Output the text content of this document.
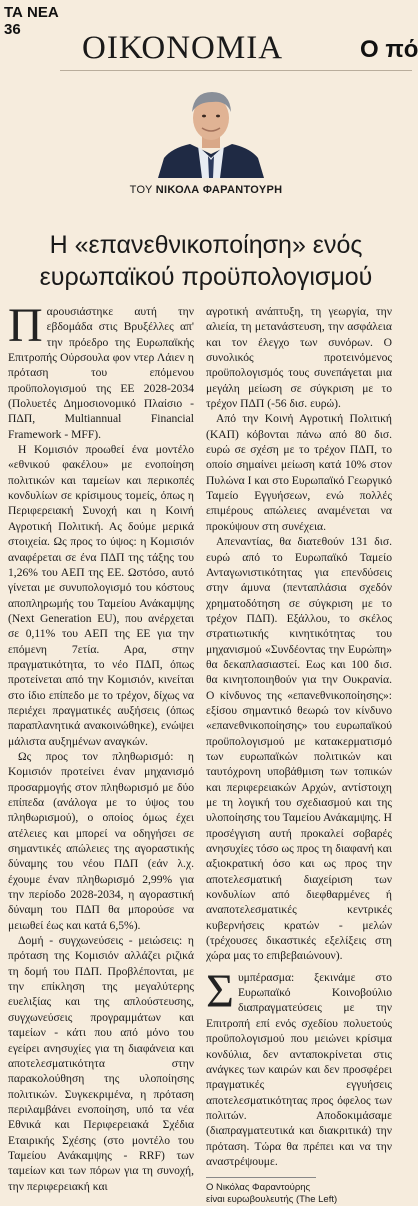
ΤΑ ΝΕΑ
36
ΟΙΚΟΝΟΜΙΑ	Ο πό
ΤΟΥ ΝΙΚΟΛΑ ΦΑΡΑΝΤΟΥΡΗ
Η «επανεθνικοποίηση» ενός ευρωπαϊκού προϋπολογισμού
Π αρουσιάστηκε αυτή την εβδομάδα στις Βρυξέλλες απ' την πρόεδρο της Ευρωπαϊκής Επιτροπής Ούρσουλα φον ντερ Λάιεν η πρόταση του επόμενου προϋπολογισμού της ΕΕ 2028-2034 (Πολυετές Δημοσιονομικό Πλαίσιο - ΠΔΠ, Multiannual Financial Framework - MFF).

Η Κομισιόν προωθεί ένα μοντέλο «εθνικού φακέλου» με ενοποίηση πολιτικών και ταμείων και περικοπές κονδυλίων σε κρίσιμους τομείς, όπως η Περιφερειακή Συνοχή και η Κοινή Αγροτική Πολιτική. Ας δούμε μερικά στοιχεία. Ως προς το ύψος: η Κομισιόν αναφέρεται σε ένα ΠΔΠ της τάξης του 1,26% του ΑΕΠ της ΕΕ. Ωστόσο, αυτό γίνεται με συνυπολογισμό του κόστους αποπληρωμής του Ταμείου Ανάκαμψης (Next Generation EU), που ανέρχεται σε 0,11% του ΑΕΠ της ΕΕ για την επόμενη 7ετία. Αρα, στην πραγματικότητα, το νέο ΠΔΠ, όπως προτείνεται από την Κομισιόν, κινείται στο ίδιο επίπεδο με το τρέχον, δίχως να περιέχει πραγματικές αυξήσεις (όπως παραπλανητικά ανακοινώθηκε), ενώψει μάλιστα αυξημένων αναγκών.

Ως προς τον πληθωρισμό: η Κομισιόν προτείνει έναν μηχανισμό προσαρμογής στον πληθωρισμό με δύο επίπεδα (ανάλογα με το ύψος του πληθωρισμού), ο οποίος όμως έχει ατέλειες και μπορεί να οδηγήσει σε σημαντικές απώλειες της αγοραστικής δύναμης του νέου ΠΔΠ (εάν λ.χ. έχουμε έναν πληθωρισμό 2,99% για την περίοδο 2028-2034, η αγοραστική δύναμη του ΠΔΠ θα μπορούσε να μειωθεί έως και κατά 6,5%).

Δομή - συγχωνεύσεις - μειώσεις: η πρόταση της Κομισιόν αλλάζει ριζικά τη δομή του ΠΔΠ. Προβλέπονται, με την επίκληση της μεγαλύτερης ευελιξίας και της απλούστευσης, συγχωνεύσεις προγραμμάτων και ταμείων - κάτι που από μόνο του εγείρει ανησυχίες για τη διαφάνεια και αποτελεσματικότητα στην παρακολούθηση της υλοποίησης πολιτικών. Συγκεκριμένα, η πρόταση περιλαμβάνει ενοποίηση, υπό τα νέα Εθνικά και Περιφερειακά Σχέδια Εταιρικής Σχέσης (στο μοντέλο του Ταμείου Ανάκαμψης - RRF) των ταμείων και των πόρων για τη συνοχή, την περιφερειακή και

αγροτική ανάπτυξη, τη γεωργία, την αλιεία, τη μετανάστευση, την ασφάλεια και τον έλεγχο των συνόρων. Ο συνολικός προτεινόμενος προϋπολογισμός τους συνεπάγεται μια μεγάλη μείωση σε σύγκριση με το τρέχον ΠΔΠ (-56 δισ. ευρώ).

Από την Κοινή Αγροτική Πολιτική (ΚΑΠ) κόβονται πάνω από 80 δισ. ευρώ σε σχέση με το τρέχον ΠΔΠ, το οποίο σημαίνει μείωση κατά 10% στον Πυλώνα Ι και στο Ευρωπαϊκό Γεωργικό Ταμείο Εγγυήσεων, ενώ πολλές επιμέρους απώλειες αναμένεται να προκύψουν στη συνέχεια.

Απεναντίας, θα διατεθούν 131 δισ. ευρώ από το Ευρωπαϊκό Ταμείο Ανταγωνιστικότητας για επενδύσεις στην άμυνα (πενταπλάσια σχεδόν χρηματοδότηση σε σύγκριση με το τρέχον ΠΔΠ). Εξάλλου, το σκέλος στρατιωτικής κινητικότητας του μηχανισμού «Συνδέοντας την Ευρώπη» θα δεκαπλασιαστεί. Εως και 100 δισ. θα κινητοποιηθούν για την Ουκρανία. Ο κίνδυνος της «επανεθνικοποίησης»: εξίσου σημαντικό θεωρώ τον κίνδυνο «επανεθνικοποίησης» του ευρωπαϊκού προϋπολογισμού με κατακερματισμό των ευρωπαϊκών πολιτικών και ταυτόχρονη υποβάθμιση των τοπικών και περιφερειακών Αρχών, αντίστοιχη με τη λογική του σχεδιασμού και της υλοποίησης του Ταμείου Ανάκαμψης. Η προσέγγιση αυτή προκαλεί σοβαρές ανησυχίες τόσο ως προς τη διαφανή και αξιοκρατική όσο και ως προς την αποτελεσματική διαχείριση των κονδυλίων από διεφθαρμένες ή αναποτελεσματικές κεντρικές κυβερνήσεις κρατών - μελών (τρέχουσες δικαστικές εξελίξεις στη χώρα μας το επιβεβαιώνουν).

Σ υμπέρασμα: ξεκινάμε στο Ευρωπαϊκό Κοινοβούλιο διαπραγματεύσεις με την Επιτροπή επί ενός σχεδίου πολυετούς προϋπολογισμού που μειώνει κρίσιμα κονδύλια, δεν ανταποκρίνεται στις ανάγκες των καιρών και δεν προσφέρει πραγματικές εγγυήσεις αποτελεσματικότητας προς όφελος των πολιτών. Αποδοκιμάσαμε (διαπραγματευτικά και διακριτικά) την πρόταση. Τώρα θα πρέπει και να την αναστρέψουμε.

Ο Νικόλας Φαραντούρης
είναι ευρωβουλευτής (The Left)
